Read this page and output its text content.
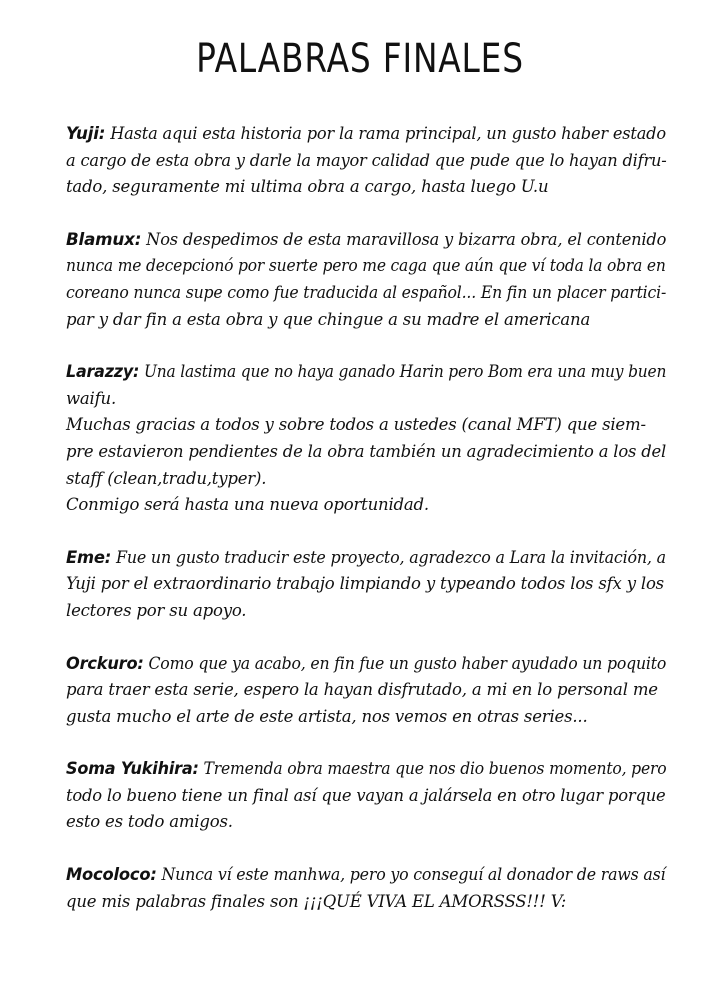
PALABRAS FINALES
Yuji: Hasta aqui esta historia por la rama principal, un gusto haber estado
a cargo de esta obra y darle la mayor calidad que pude que lo hayan difru-
tado, seguramente mi ultima obra a cargo, hasta luego U.u
Blamux: Nos despedimos de esta maravillosa y bizarra obra, el contenido
nunca me decepcionó por suerte pero me caga que aún que ví toda la obra en
coreano nunca supe como fue traducida al español... En fin un placer partici-
par y dar fin a esta obra y que chingue a su madre el americana
Larazzy: Una lastima que no haya ganado Harin pero Bom era una muy buen
waifu.
Muchas gracias a todos y sobre todos a ustedes (canal MFT) que siem-
pre estavieron pendientes de la obra también un agradecimiento a los del
staff (clean,tradu,typer).
Conmigo será hasta una nueva oportunidad.
Eme: Fue un gusto traducir este proyecto, agradezco a Lara la invitación, a
Yuji por el extraordinario trabajo limpiando y typeando todos los sfx y los
lectores por su apoyo.
Orckuro: Como que ya acabo, en fin fue un gusto haber ayudado un poquito
para traer esta serie, espero la hayan disfrutado, a mi en lo personal me
gusta mucho el arte de este artista, nos vemos en otras series...
Soma Yukihira: Tremenda obra maestra que nos dio buenos momento, pero
todo lo bueno tiene un final así que vayan a jalársela en otro lugar porque
esto es todo amigos.
Mocoloco: Nunca ví este manhwa, pero yo conseguí al donador de raws así
que mis palabras finales son ¡¡¡QUÉ VIVA EL AMORSSS!!! V:
